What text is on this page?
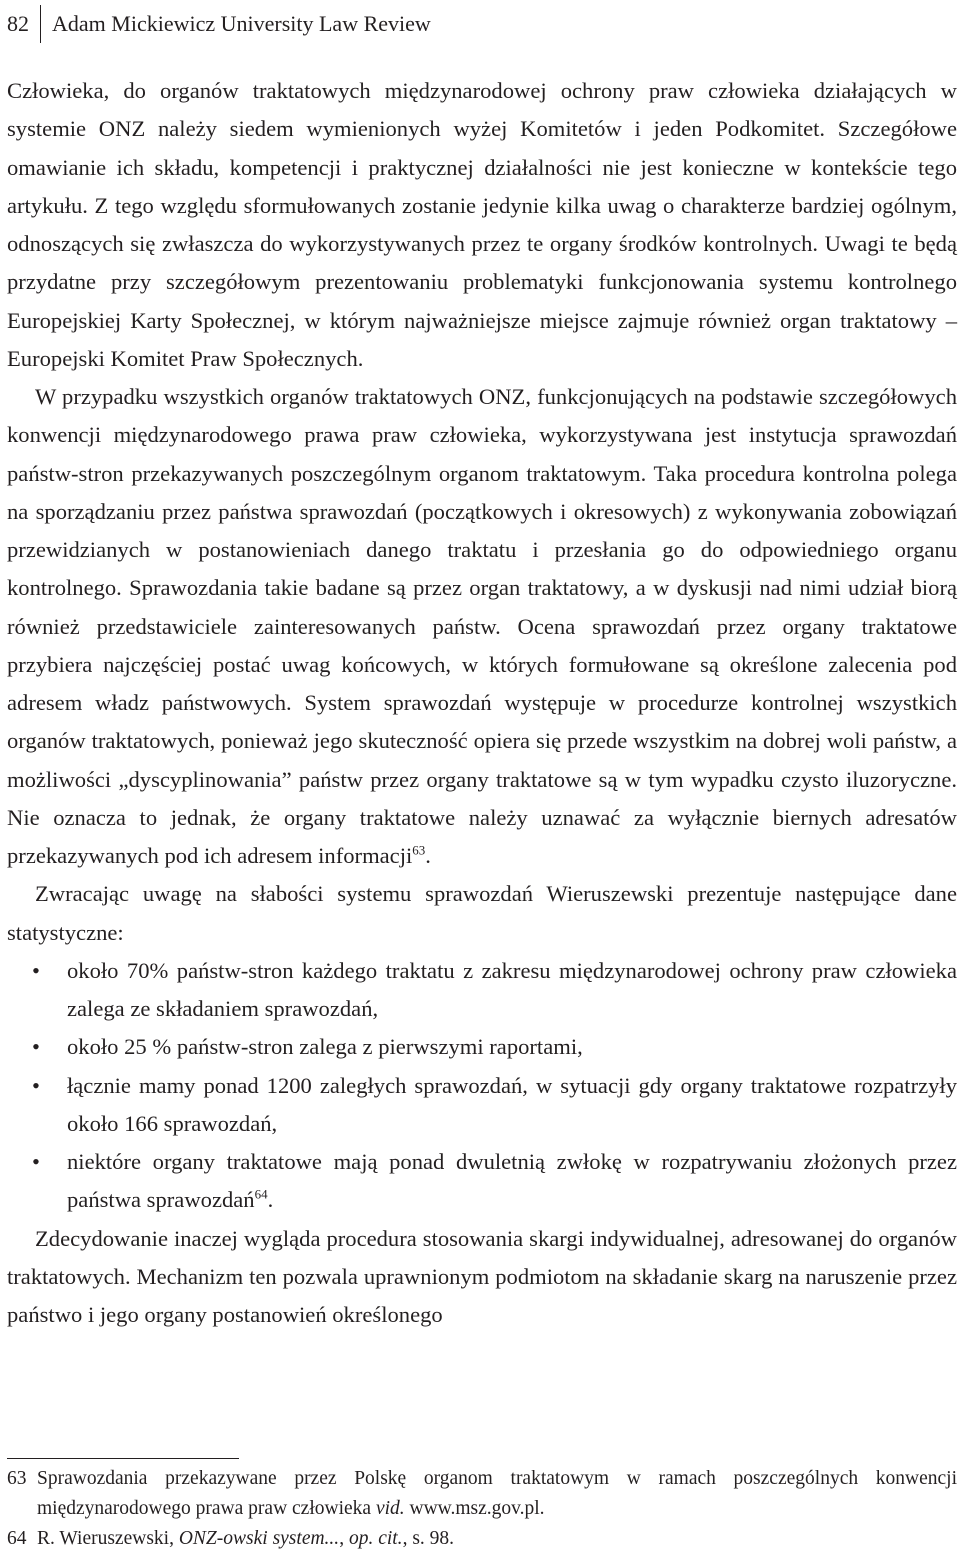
82	Adam Mickiewicz University Law Review

Człowieka, do organów traktatowych międzynarodowej ochrony praw człowieka działających w systemie ONZ należy siedem wymienionych wyżej Komitetów i jeden Podkomitet. Szczegółowe omawianie ich składu, kompetencji i praktycznej działalności nie jest konieczne w kontekście tego artykułu. Z tego względu sformułowanych zostanie jedynie kilka uwag o charakterze bardziej ogólnym, odnoszących się zwłaszcza do wykorzystywanych przez te organy środków kontrolnych. Uwagi te będą przydatne przy szczegółowym prezentowaniu problematyki funkcjonowania systemu kontrolnego Europejskiej Karty Społecznej, w którym najważniejsze miejsce zajmuje również organ traktatowy – Europejski Komitet Praw Społecznych.

W przypadku wszystkich organów traktatowych ONZ, funkcjonujących na podstawie szczegółowych konwencji międzynarodowego prawa praw człowieka, wykorzystywana jest instytucja sprawozdań państw-stron przekazywanych poszczególnym organom traktatowym. Taka procedura kontrolna polega na sporządzaniu przez państwa sprawozdań (początkowych i okresowych) z wykonywania zobowiązań przewidzianych w postanowieniach danego traktatu i przesłania go do odpowiedniego organu kontrolnego. Sprawozdania takie badane są przez organ traktatowy, a w dyskusji nad nimi udział biorą również przedstawiciele zainteresowanych państw. Ocena sprawozdań przez organy traktatowe przybiera najczęściej postać uwag końcowych, w których formułowane są określone zalecenia pod adresem władz państwowych. System sprawozdań występuje w procedurze kontrolnej wszystkich organów traktatowych, ponieważ jego skuteczność opiera się przede wszystkim na dobrej woli państw, a możliwości „dyscyplinowania” państw przez organy traktatowe są w tym wypadku czysto iluzoryczne. Nie oznacza to jednak, że organy traktatowe należy uznawać za wyłącznie biernych adresatów przekazywanych pod ich adresem informacji$^{63}$.

Zwracając uwagę na słabości systemu sprawozdań Wieruszewski prezentuje następujące dane statystyczne:

• około 70% państw-stron każdego traktatu z zakresu międzynarodowej ochrony praw człowieka zalega ze składaniem sprawozdań,
• około 25 % państw-stron zalega z pierwszymi raportami,
• łącznie mamy ponad 1200 zaległych sprawozdań, w sytuacji gdy organy traktatowe rozpatrzyły około 166 sprawozdań,
• niektóre organy traktatowe mają ponad dwuletnią zwłokę w rozpatrywaniu złożonych przez państwa sprawozdań$^{64}$.

Zdecydowanie inaczej wygląda procedura stosowania skargi indywidualnej, adresowanej do organów traktatowych. Mechanizm ten pozwala uprawnionym podmiotom na składanie skarg na naruszenie przez państwo i jego organy postanowień określonego

63 Sprawozdania przekazywane przez Polskę organom traktatowym w ramach poszczególnych konwencji międzynarodowego prawa praw człowieka vid. www.msz.gov.pl.
64 R. Wieruszewski, ONZ-owski system..., op. cit., s. 98.
